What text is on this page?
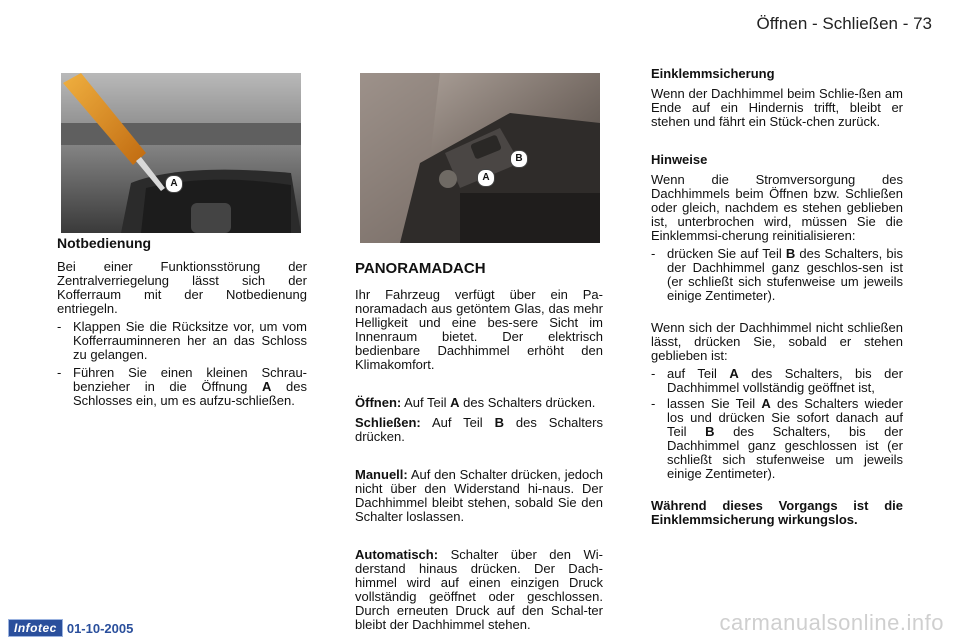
Öffnen - Schließen - 73
A
B
A
Notbedienung

Bei einer Funktionsstörung der Zentralverriegelung lässt sich der Kofferraum mit der Notbedienung entriegeln.

- Klappen Sie die Rücksitze vor, um vom Kofferrauminneren her an das Schloss zu gelangen.
- Führen Sie einen kleinen Schrau-benzieher in die Öffnung A des Schlosses ein, um es aufzu-schließen.
PANORAMADACH

Ihr Fahrzeug verfügt über ein Pa-noramadach aus getöntem Glas, das mehr Helligkeit und eine bes-sere Sicht im Innenraum bietet. Der elektrisch bedienbare Dachhimmel erhöht den Klimakomfort.

Öffnen: Auf Teil A des Schalters drücken.

Schließen: Auf Teil B des Schalters drücken.

Manuell: Auf den Schalter drücken, jedoch nicht über den Widerstand hi-naus. Der Dachhimmel bleibt stehen, sobald Sie den Schalter loslassen.

Automatisch: Schalter über den Wi-derstand hinaus drücken. Der Dach-himmel wird auf einen einzigen Druck vollständig geöffnet oder geschlossen. Durch erneuten Druck auf den Schal-ter bleibt der Dachhimmel stehen.

Einklemmsicherung

Wenn der Dachhimmel beim Schlie-ßen am Ende auf ein Hindernis trifft, bleibt er stehen und fährt ein Stück-chen zurück.

Hinweise

Wenn die Stromversorgung des Dachhimmels beim Öffnen bzw. Schließen oder gleich, nachdem es stehen geblieben ist, unterbrochen wird, müssen Sie die Einklemmsi-cherung reinitialisieren:

- drücken Sie auf Teil B des Schalters, bis der Dachhimmel ganz geschlos-sen ist (er schließt sich stufenweise um jeweils einige Zentimeter).

Wenn sich der Dachhimmel nicht schließen lässt, drücken Sie, sobald er stehen geblieben ist:

- auf Teil A des Schalters, bis der Dachhimmel vollständig geöffnet ist,
- lassen Sie Teil A des Schalters wieder los und drücken Sie sofort danach auf Teil B des Schalters, bis der Dachhimmel ganz geschlossen ist (er schließt sich stufenweise um jeweils einige Zentimeter).

Während dieses Vorgangs ist die Einklemmsicherung wirkungslos.

Infotec 01-10-2005	carmanualsonline.info
